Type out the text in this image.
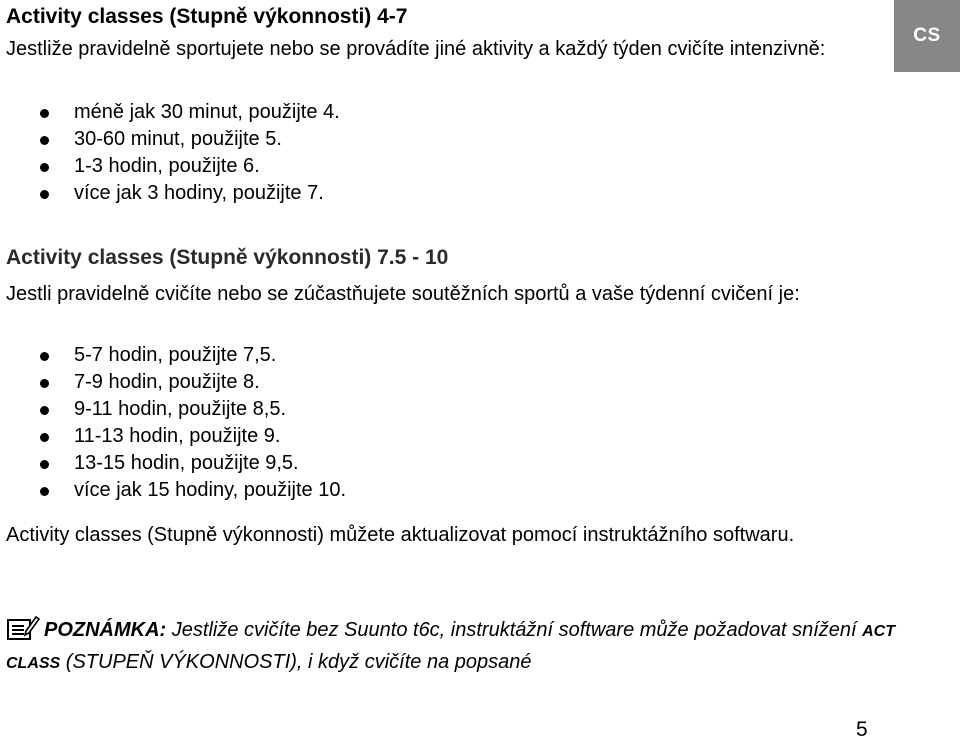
CS
Activity classes (Stupně výkonnosti) 4-7
Jestliže pravidelně sportujete nebo se provádíte jiné aktivity a každý týden cvičíte intenzivně:
méně jak 30 minut, použijte 4.
30-60 minut, použijte 5.
1-3 hodin, použijte 6.
více jak 3 hodiny, použijte 7.
Activity classes (Stupně výkonnosti) 7.5 - 10
Jestli pravidelně cvičíte nebo se zúčastňujete soutěžních sportů a vaše týdenní cvičení je:
5-7 hodin, použijte 7,5.
7-9 hodin, použijte 8.
9-11 hodin, použijte 8,5.
11-13 hodin, použijte 9.
13-15 hodin, použijte 9,5.
více jak 15 hodiny, použijte 10.
Activity classes (Stupně výkonnosti) můžete aktualizovat pomocí instruktážního softwaru.
POZNÁMKA: Jestliže cvičíte bez Suunto t6c, instruktážní software může požadovat snížení ACT CLASS (STUPEŇ VÝKONNOSTI), i když cvičíte na popsané
5
